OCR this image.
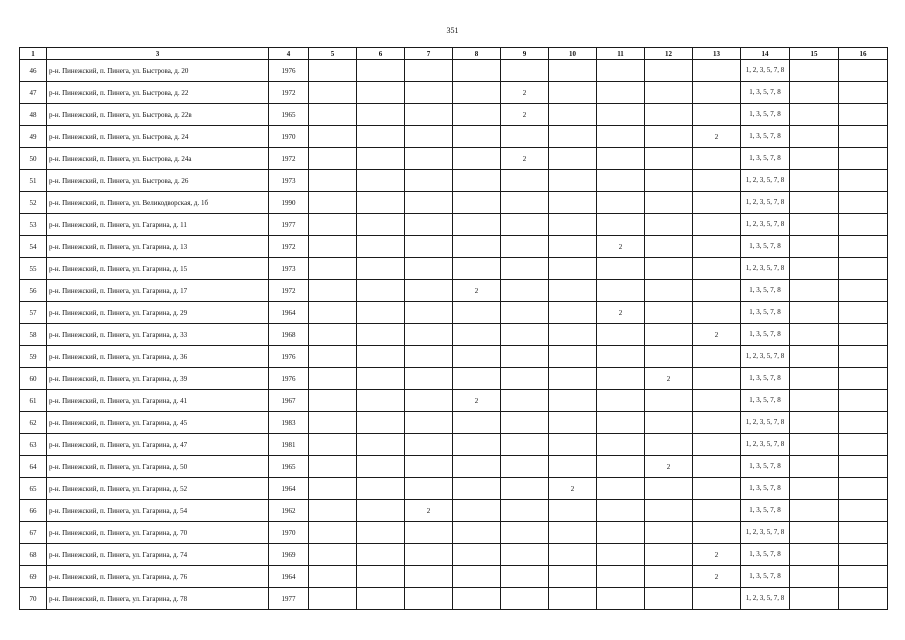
351
1	3	4	5	6	7	8	9	10	11	12	13	14	15	16
46	р-н. Пинежский, п. Пинега, ул. Быстрова, д. 20	1976										1, 2, 3, 5, 7, 8		
47	р-н. Пинежский, п. Пинега, ул. Быстрова, д. 22	1972					2					1, 3, 5, 7, 8		
48	р-н. Пинежский, п. Пинега, ул. Быстрова, д. 22в	1965					2					1, 3, 5, 7, 8		
49	р-н. Пинежский, п. Пинега, ул. Быстрова, д. 24	1970									2	1, 3, 5, 7, 8		
50	р-н. Пинежский, п. Пинега, ул. Быстрова, д. 24а	1972					2					1, 3, 5, 7, 8		
51	р-н. Пинежский, п. Пинега, ул. Быстрова, д. 26	1973										1, 2, 3, 5, 7, 8		
52	р-н. Пинежский, п. Пинега, ул. Великодворская, д. 1б	1990										1, 2, 3, 5, 7, 8		
53	р-н. Пинежский, п. Пинега, ул. Гагарина, д. 11	1977										1, 2, 3, 5, 7, 8		
54	р-н. Пинежский, п. Пинега, ул. Гагарина, д. 13	1972							2			1, 3, 5, 7, 8		
55	р-н. Пинежский, п. Пинега, ул. Гагарина, д. 15	1973										1, 2, 3, 5, 7, 8		
56	р-н. Пинежский, п. Пинега, ул. Гагарина, д. 17	1972				2						1, 3, 5, 7, 8		
57	р-н. Пинежский, п. Пинега, ул. Гагарина, д. 29	1964							2			1, 3, 5, 7, 8		
58	р-н. Пинежский, п. Пинега, ул. Гагарина, д. 33	1968									2	1, 3, 5, 7, 8		
59	р-н. Пинежский, п. Пинега, ул. Гагарина, д. 36	1976										1, 2, 3, 5, 7, 8		
60	р-н. Пинежский, п. Пинега, ул. Гагарина, д. 39	1976								2		1, 3, 5, 7, 8		
61	р-н. Пинежский, п. Пинега, ул. Гагарина, д. 41	1967				2						1, 3, 5, 7, 8		
62	р-н. Пинежский, п. Пинега, ул. Гагарина, д. 45	1983										1, 2, 3, 5, 7, 8		
63	р-н. Пинежский, п. Пинега, ул. Гагарина, д. 47	1981										1, 2, 3, 5, 7, 8		
64	р-н. Пинежский, п. Пинега, ул. Гагарина, д. 50	1965								2		1, 3, 5, 7, 8		
65	р-н. Пинежский, п. Пинега, ул. Гагарина, д. 52	1964						2				1, 3, 5, 7, 8		
66	р-н. Пинежский, п. Пинега, ул. Гагарина, д. 54	1962			2							1, 3, 5, 7, 8		
67	р-н. Пинежский, п. Пинега, ул. Гагарина, д. 70	1970										1, 2, 3, 5, 7, 8		
68	р-н. Пинежский, п. Пинега, ул. Гагарина, д. 74	1969									2	1, 3, 5, 7, 8		
69	р-н. Пинежский, п. Пинега, ул. Гагарина, д. 76	1964									2	1, 3, 5, 7, 8		
70	р-н. Пинежский, п. Пинега, ул. Гагарина, д. 78	1977										1, 2, 3, 5, 7, 8		
